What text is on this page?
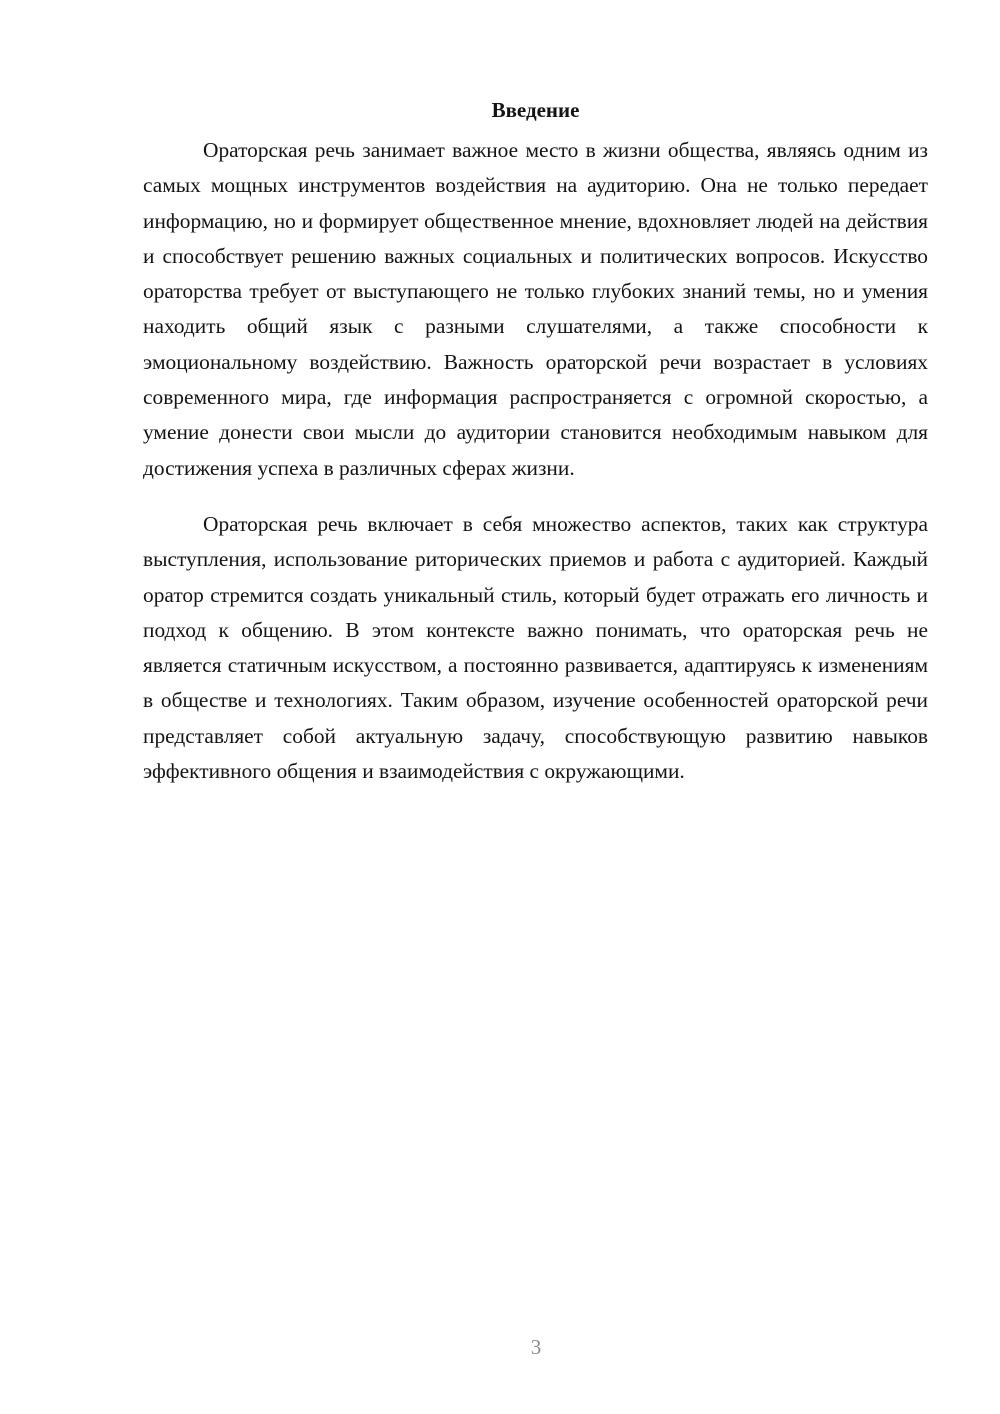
Введение

Ораторская речь занимает важное место в жизни общества, являясь одним из самых мощных инструментов воздействия на аудиторию. Она не только передает информацию, но и формирует общественное мнение, вдохновляет людей на действия и способствует решению важных социальных и политических вопросов. Искусство ораторства требует от выступающего не только глубоких знаний темы, но и умения находить общий язык с разными слушателями, а также способности к эмоциональному воздействию. Важность ораторской речи возрастает в условиях современного мира, где информация распространяется с огромной скоростью, а умение донести свои мысли до аудитории становится необходимым навыком для достижения успеха в различных сферах жизни.

Ораторская речь включает в себя множество аспектов, таких как структура выступления, использование риторических приемов и работа с аудиторией. Каждый оратор стремится создать уникальный стиль, который будет отражать его личность и подход к общению. В этом контексте важно понимать, что ораторская речь не является статичным искусством, а постоянно развивается, адаптируясь к изменениям в обществе и технологиях. Таким образом, изучение особенностей ораторской речи представляет собой актуальную задачу, способствующую развитию навыков эффективного общения и взаимодействия с окружающими.

3
